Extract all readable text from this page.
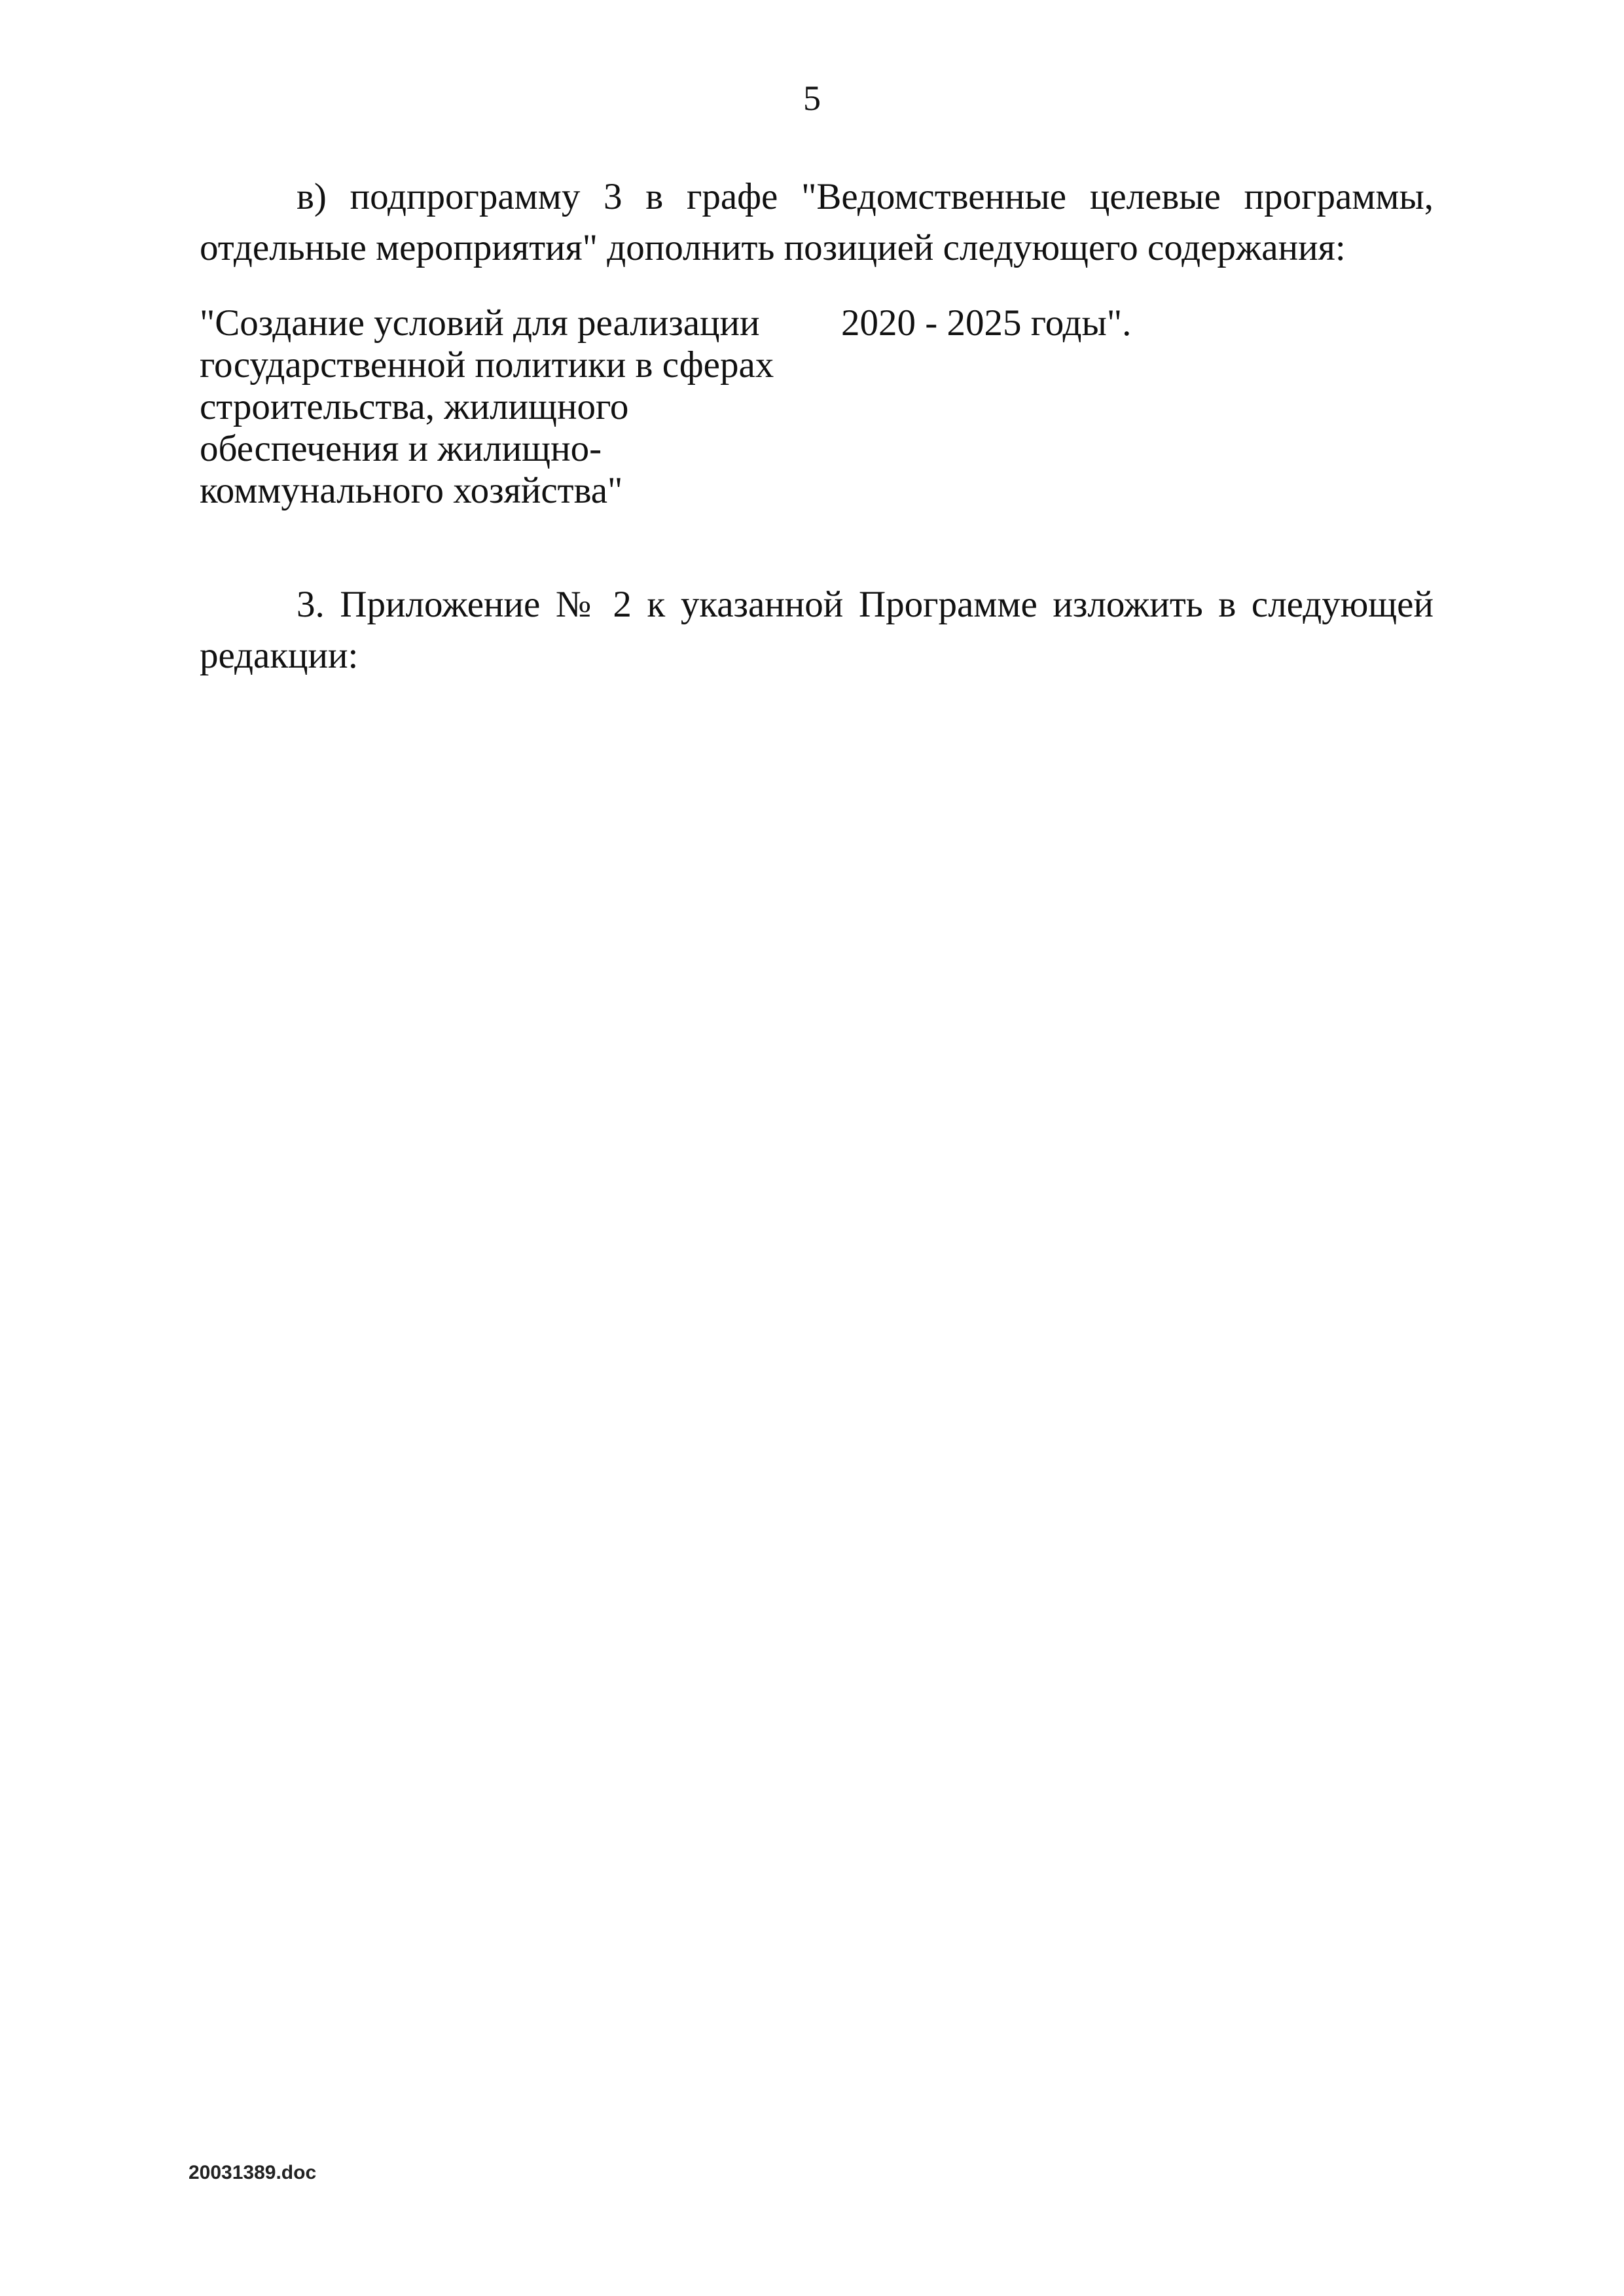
5
в) подпрограмму 3 в графе "Ведомственные целевые программы,
отдельные мероприятия" дополнить позицией следующего содержания:
"Создание условий для реализации
государственной политики в сферах
строительства, жилищного
обеспечения и жилищно-
коммунального хозяйства"
2020 - 2025 годы".
3. Приложение № 2 к указанной Программе изложить в следующей
редакции:
20031389.doc
